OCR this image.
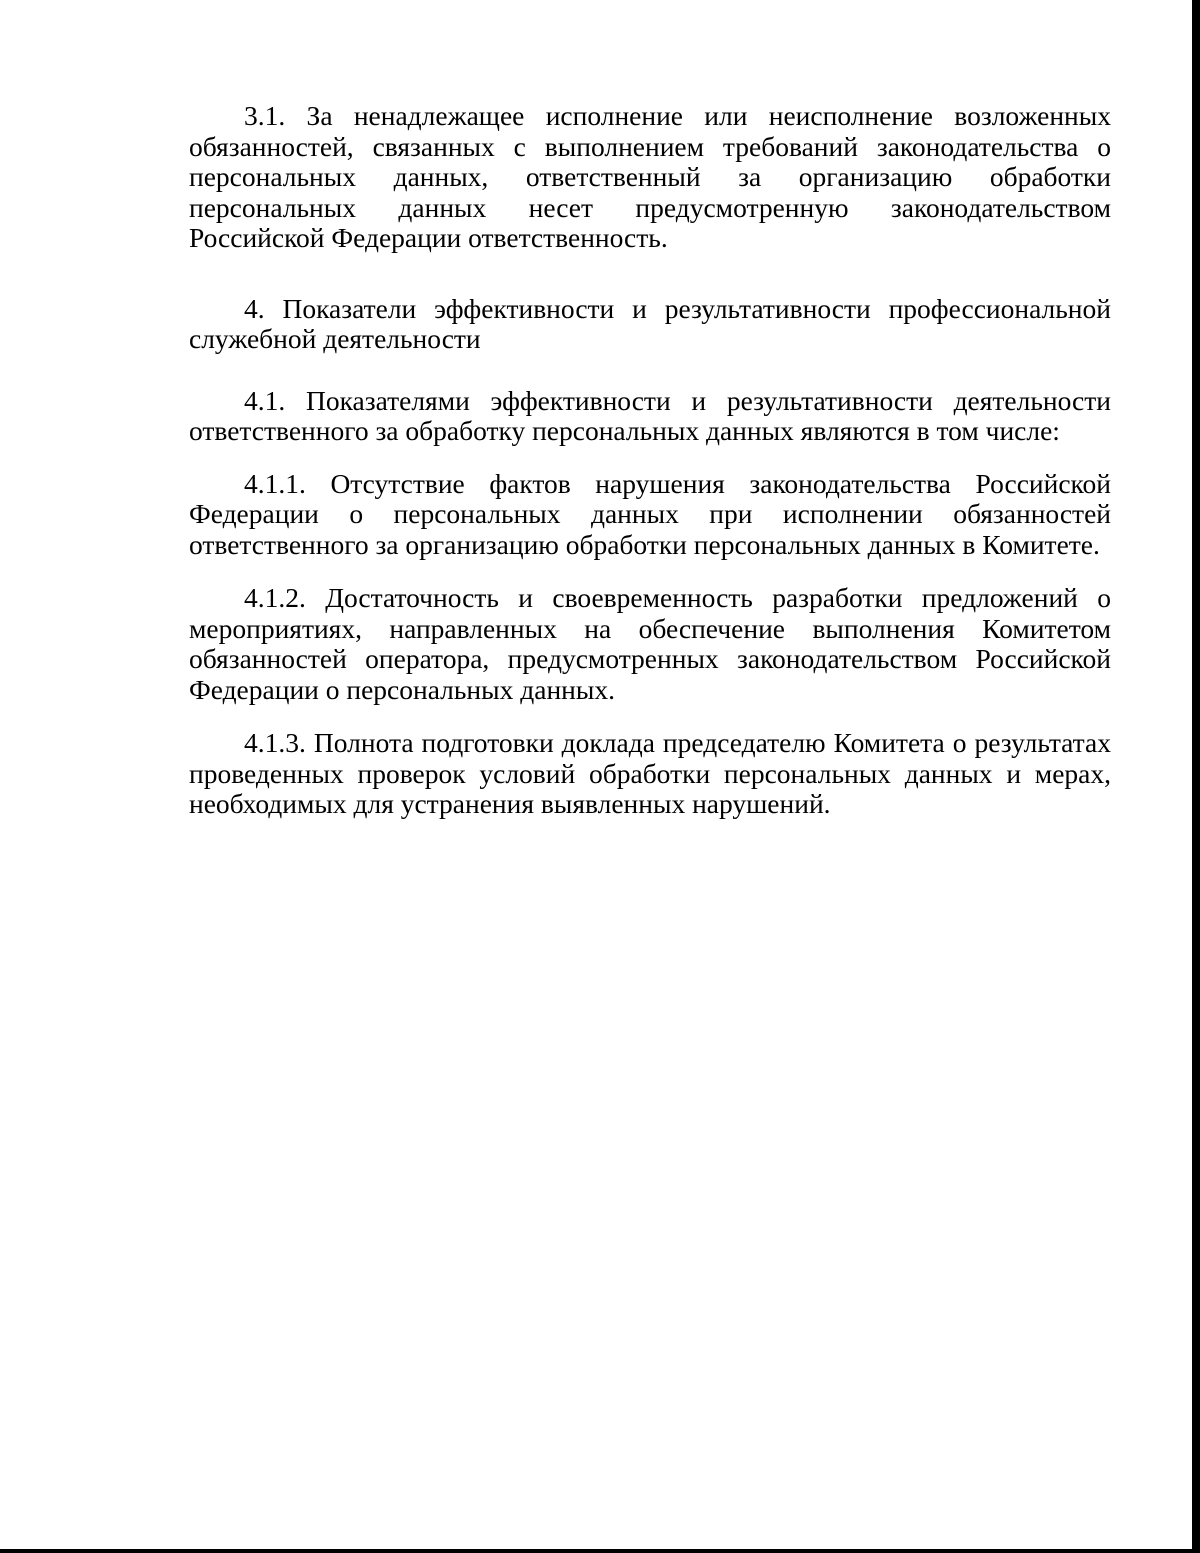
3.1. За ненадлежащее исполнение или неисполнение возложенных обязанностей, связанных с выполнением требований законодательства о персональных данных, ответственный за организацию обработки персональных данных несет предусмотренную законодательством Российской Федерации ответственность.

4. Показатели эффективности и результативности профессиональной служебной деятельности

4.1. Показателями эффективности и результативности деятельности ответственного за обработку персональных данных являются в том числе:

4.1.1. Отсутствие фактов нарушения законодательства Российской Федерации о персональных данных при исполнении обязанностей ответственного за организацию обработки персональных данных в Комитете.

4.1.2. Достаточность и своевременность разработки предложений о мероприятиях, направленных на обеспечение выполнения Комитетом обязанностей оператора, предусмотренных законодательством Российской Федерации о персональных данных.

4.1.3. Полнота подготовки доклада председателю Комитета о результатах проведенных проверок условий обработки персональных данных и мерах, необходимых для устранения выявленных нарушений.
